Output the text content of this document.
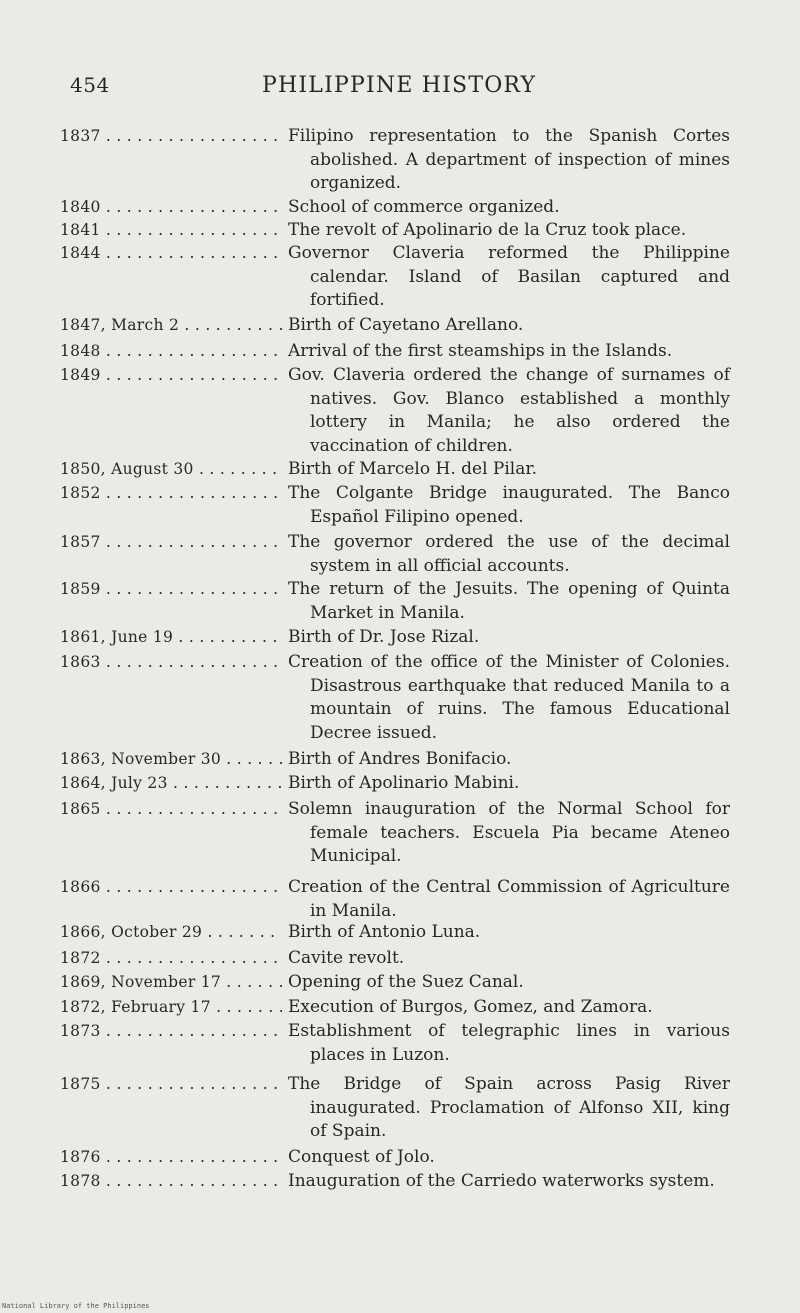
454	PHILIPPINE HISTORY
1837 . . .	Filipino representation to the Spanish Cortes abolished. A department of inspection of mines organized.
1840 . . .	School of commerce organized.
1841 . . .	The revolt of Apolinario de la Cruz took place.
1844 . . .	Governor Claveria reformed the Philippine calendar. Island of Basilan captured and fortified.
1847, March 2 . . .	Birth of Cayetano Arellano.
1848 . . .	Arrival of the first steamships in the Islands.
1849 . . .	Gov. Claveria ordered the change of surnames of natives. Gov. Blanco established a monthly lottery in Manila; he also ordered the vaccination of children.
1850, August 30 . . .	Birth of Marcelo H. del Pilar.
1852 . . .	The Colgante Bridge inaugurated. The Banco Español Filipino opened.
1857 . . .	The governor ordered the use of the decimal system in all official accounts.
1859 . . .	The return of the Jesuits. The opening of Quinta Market in Manila.
1861, June 19 . . .	Birth of Dr. Jose Rizal.
1863 . . .	Creation of the office of the Minister of Colonies. Disastrous earthquake that reduced Manila to a mountain of ruins. The famous Educational Decree issued.
1863, November 30 . . .	Birth of Andres Bonifacio.
1864, July 23 . . .	Birth of Apolinario Mabini.
1865 . . .	Solemn inauguration of the Normal School for female teachers. Escuela Pia became Ateneo Municipal.
1866 . . .	Creation of the Central Commission of Agriculture in Manila.
1866, October 29 . . .	Birth of Antonio Luna.
1872 . . .	Cavite revolt.
1869, November 17 . . .	Opening of the Suez Canal.
1872, February 17 . . .	Execution of Burgos, Gomez, and Zamora.
1873 . . .	Establishment of telegraphic lines in various places in Luzon.
1875 . . .	The Bridge of Spain across Pasig River inaugurated. Proclamation of Alfonso XII, king of Spain.
1876 . . .	Conquest of Jolo.
1878 . . .	Inauguration of the Carriedo waterworks system.
National Library of the Philippines
